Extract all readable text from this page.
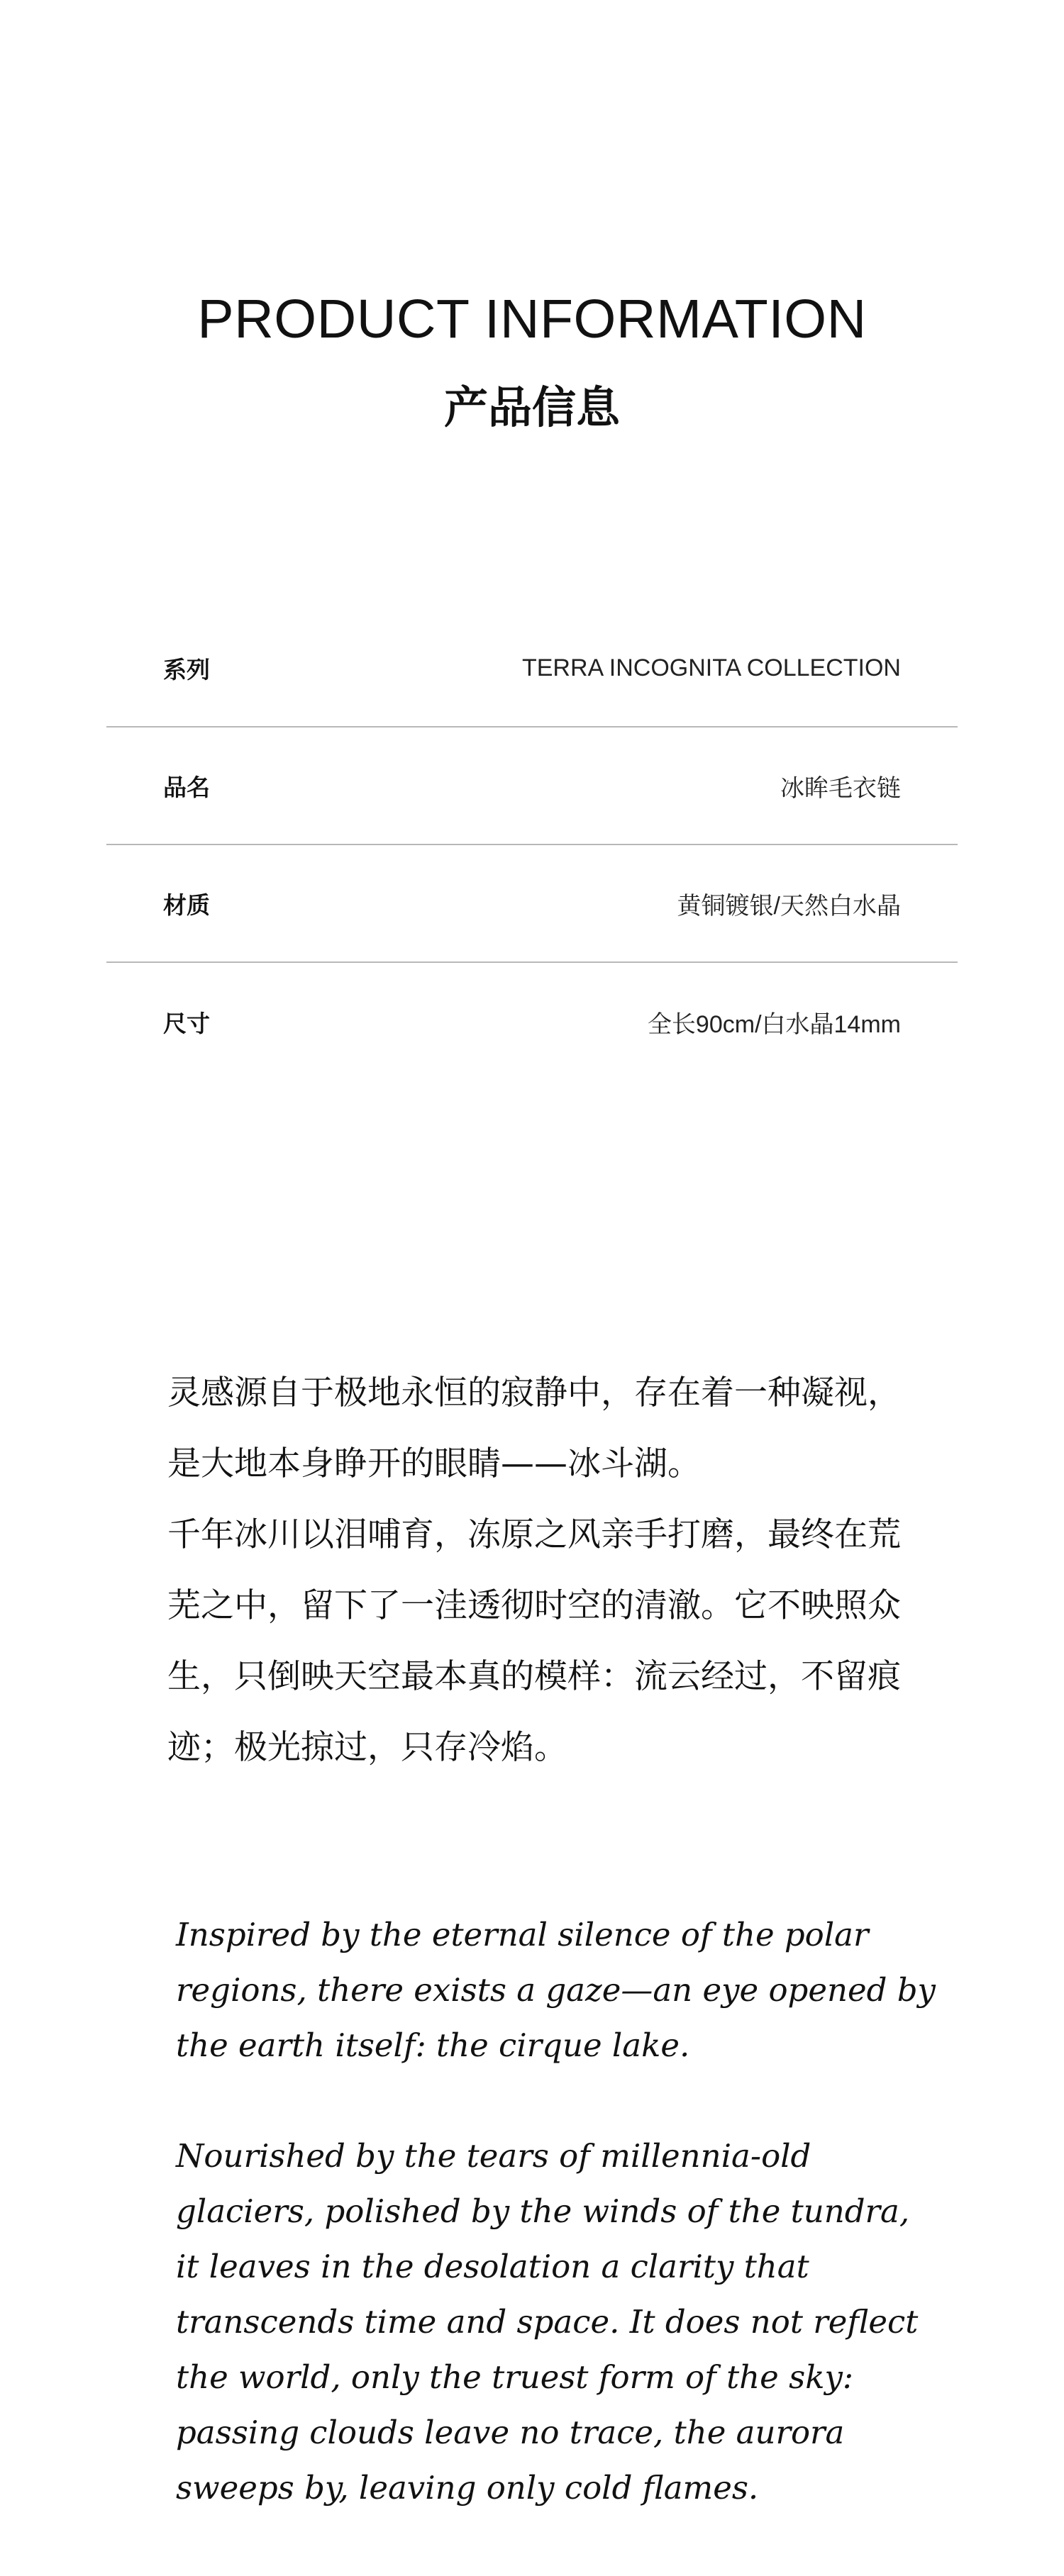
PRODUCT INFORMATION
产品信息
系列	TERRA INCOGNITA COLLECTION
品名	冰眸毛衣链
材质	黄铜镀银/天然白水晶
尺寸	全长90cm/白水晶14mm

灵感源自于极地永恒的寂静中，存在着一种凝视，是大地本身睁开的眼睛——冰斗湖。

千年冰川以泪哺育，冻原之风亲手打磨，最终在荒芜之中，留下了一洼透彻时空的清澈。它不映照众生，只倒映天空最本真的模样：流云经过，不留痕迹；极光掠过，只存冷焰。

Inspired by the eternal silence of the polar regions, there exists a gaze—an eye opened by the earth itself: the cirque lake.

Nourished by the tears of millennia-old glaciers, polished by the winds of the tundra, it leaves in the desolation a clarity that transcends time and space. It does not reflect the world, only the truest form of the sky: passing clouds leave no trace, the aurora sweeps by, leaving only cold flames.
